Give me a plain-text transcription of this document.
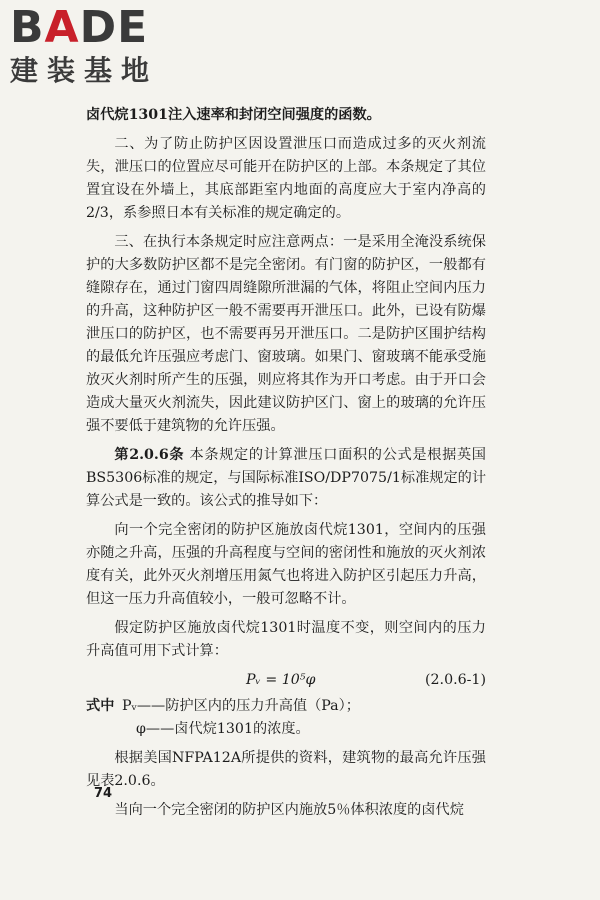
BADE
建装基地

卤代烷1301注入速率和封闭空间强度的函数。

二、为了防止防护区因设置泄压口而造成过多的灭火剂流失，泄压口的位置应尽可能开在防护区的上部。本条规定了其位置宜设在外墙上，其底部距室内地面的高度应大于室内净高的2/3，系参照日本有关标准的规定确定的。

三、在执行本条规定时应注意两点：一是采用全淹没系统保护的大多数防护区都不是完全密闭。有门窗的防护区，一般都有缝隙存在，通过门窗四周缝隙所泄漏的气体，将阻止空间内压力的升高，这种防护区一般不需要再开泄压口。此外，已设有防爆泄压口的防护区，也不需要再另开泄压口。二是防护区围护结构的最低允许压强应考虑门、窗玻璃。如果门、窗玻璃不能承受施放灭火剂时所产生的压强，则应将其作为开口考虑。由于开口会造成大量灭火剂流失，因此建议防护区门、窗上的玻璃的允许压强不要低于建筑物的允许压强。

第2.0.6条 本条规定的计算泄压口面积的公式是根据英国BS5306标准的规定，与国际标准ISO/DP7075/1标准规定的计算公式是一致的。该公式的推导如下：

向一个完全密闭的防护区施放卤代烷1301，空间内的压强亦随之升高，压强的升高程度与空间的密闭性和施放的灭火剂浓度有关，此外灭火剂增压用氮气也将进入防护区引起压力升高，但这一压力升高值较小，一般可忽略不计。

假定防护区施放卤代烷1301时温度不变，则空间内的压力升高值可用下式计算：

Pᵥ = 10⁵φ	(2.0.6-1)
式中 Pᵥ——防护区内的压力升高值（Pa）；
φ——卤代烷1301的浓度。

根据美国NFPA12A所提供的资料，建筑物的最高允许压强见表2.0.6。

当向一个完全密闭的防护区内施放5％体积浓度的卤代烷

74
